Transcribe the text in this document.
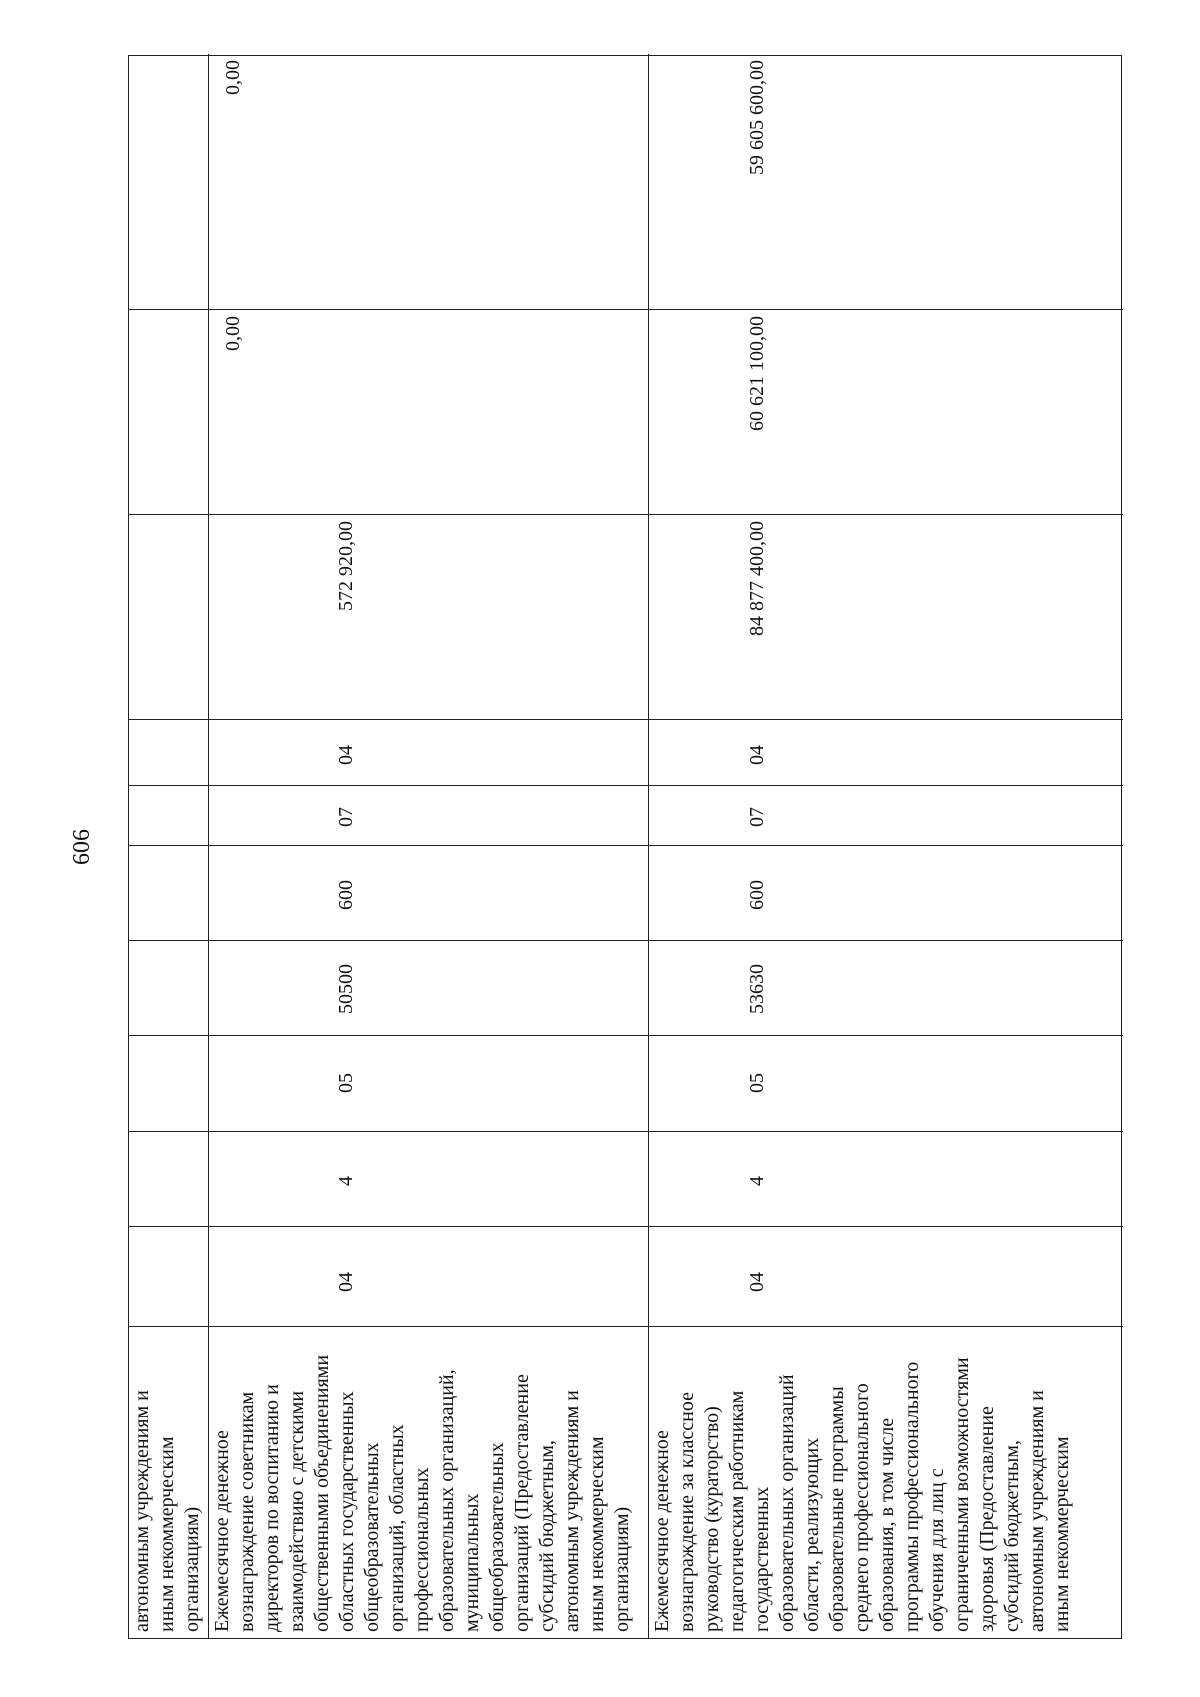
606
автономным учреждениям и
иным некоммерческим
организациям) Ежемесячное денежное
вознаграждение советникам
директоров по воспитанию и
взаимодействию с детскими
общественными объединениями
областных государственных
общеобразовательных
организаций, областных
профессиональных
образовательных организаций,
муниципальных
общеобразовательных
организаций (Предоставление
субсидий бюджетным,
автономным учреждениям и
иным некоммерческим
организациям)
04
4
05
50500
600
07
04
572 920,00
0,00
0,00
Ежемесячное денежное
вознаграждение за классное
руководство (кураторство)
педагогическим работникам
государственных
образовательных организаций
области, реализующих
образовательные программы
среднего профессионального
образования, в том числе
программы профессионального
обучения для лиц с
ограниченными возможностями
здоровья (Предоставление
субсидий бюджетным,
автономным учреждениям и
иным некоммерческим
04
4
05
53630
600
07
04
84 877 400,00
60 621 100,00
59 605 600,00
